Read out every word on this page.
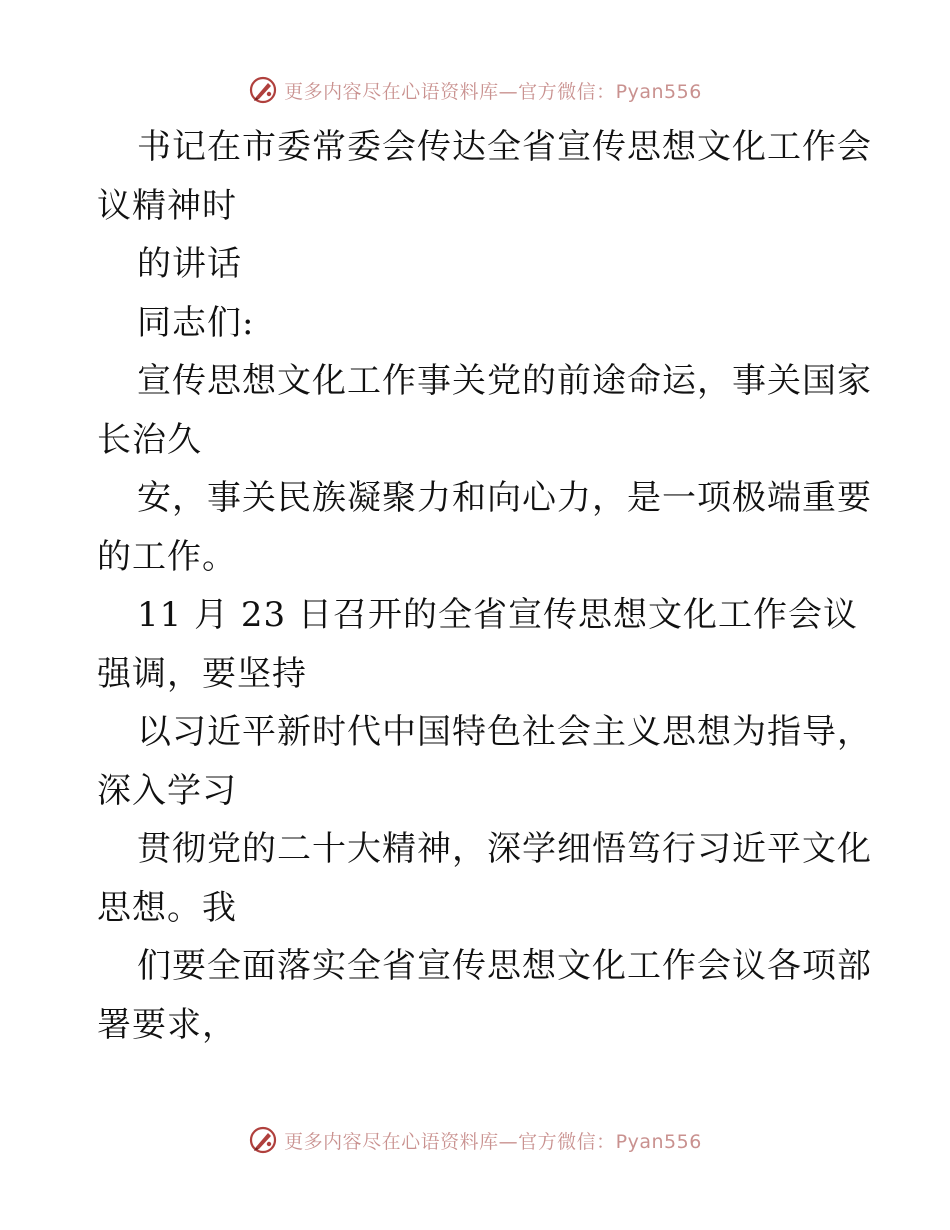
更多内容尽在心语资料库—官方微信：Pyan556
书记在市委常委会传达全省宣传思想文化工作会
议精神时
的讲话
同志们:
宣传思想文化工作事关党的前途命运，事关国家
长治久
安，事关民族凝聚力和向心力，是一项极端重要
的工作。
11 月 23 日召开的全省宣传思想文化工作会议
强调，要坚持
以习近平新时代中国特色社会主义思想为指导，
深入学习
贯彻党的二十大精神，深学细悟笃行习近平文化
思想。我
们要全面落实全省宣传思想文化工作会议各项部
署要求，
更多内容尽在心语资料库—官方微信：Pyan556
